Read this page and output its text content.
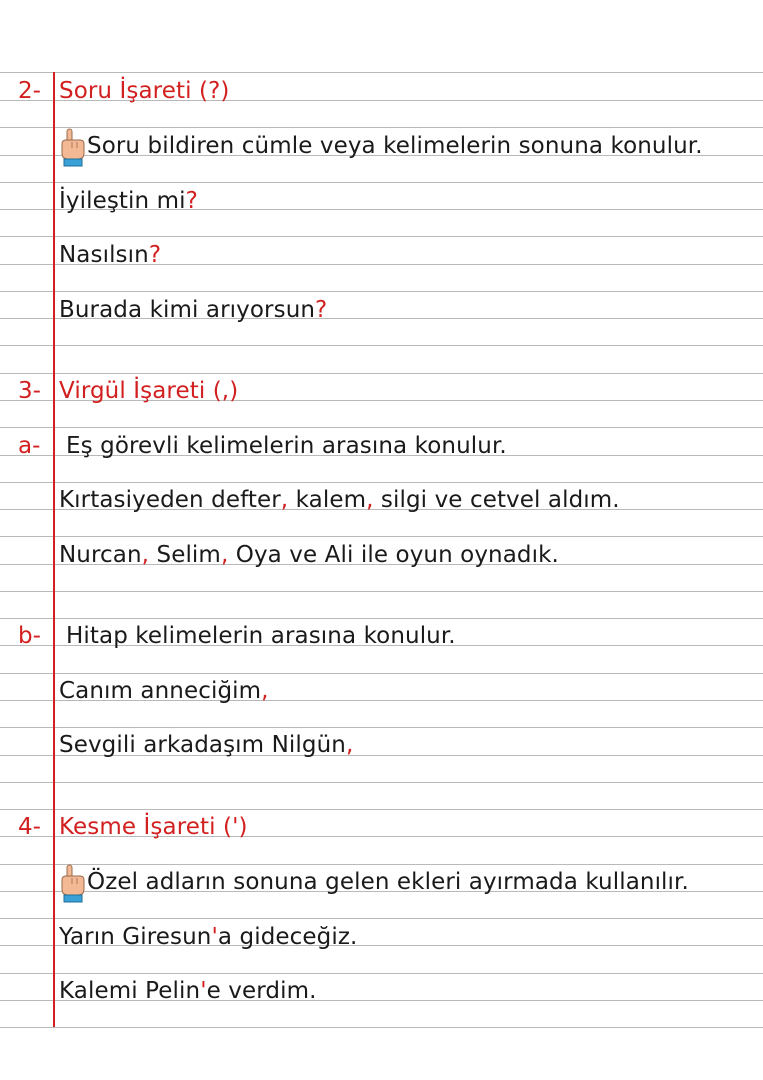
2- Soru İşareti (?)
Soru bildiren cümle veya kelimelerin sonuna konulur.
İyileştin mi?
Nasılsın?
Burada kimi arıyorsun?
3- Virgül İşareti (,)
a- Eş görevli kelimelerin arasına konulur.
Kırtasiyeden defter, kalem, silgi ve cetvel aldım.
Nurcan, Selim, Oya ve Ali ile oyun oynadık.
b- Hitap kelimelerin arasına konulur.
Canım anneciğim,
Sevgili arkadaşım Nilgün,
4- Kesme İşareti (')
Özel adların sonuna gelen ekleri ayırmada kullanılır.
Yarın Giresun'a gideceğiz.
Kalemi Pelin'e verdim.
